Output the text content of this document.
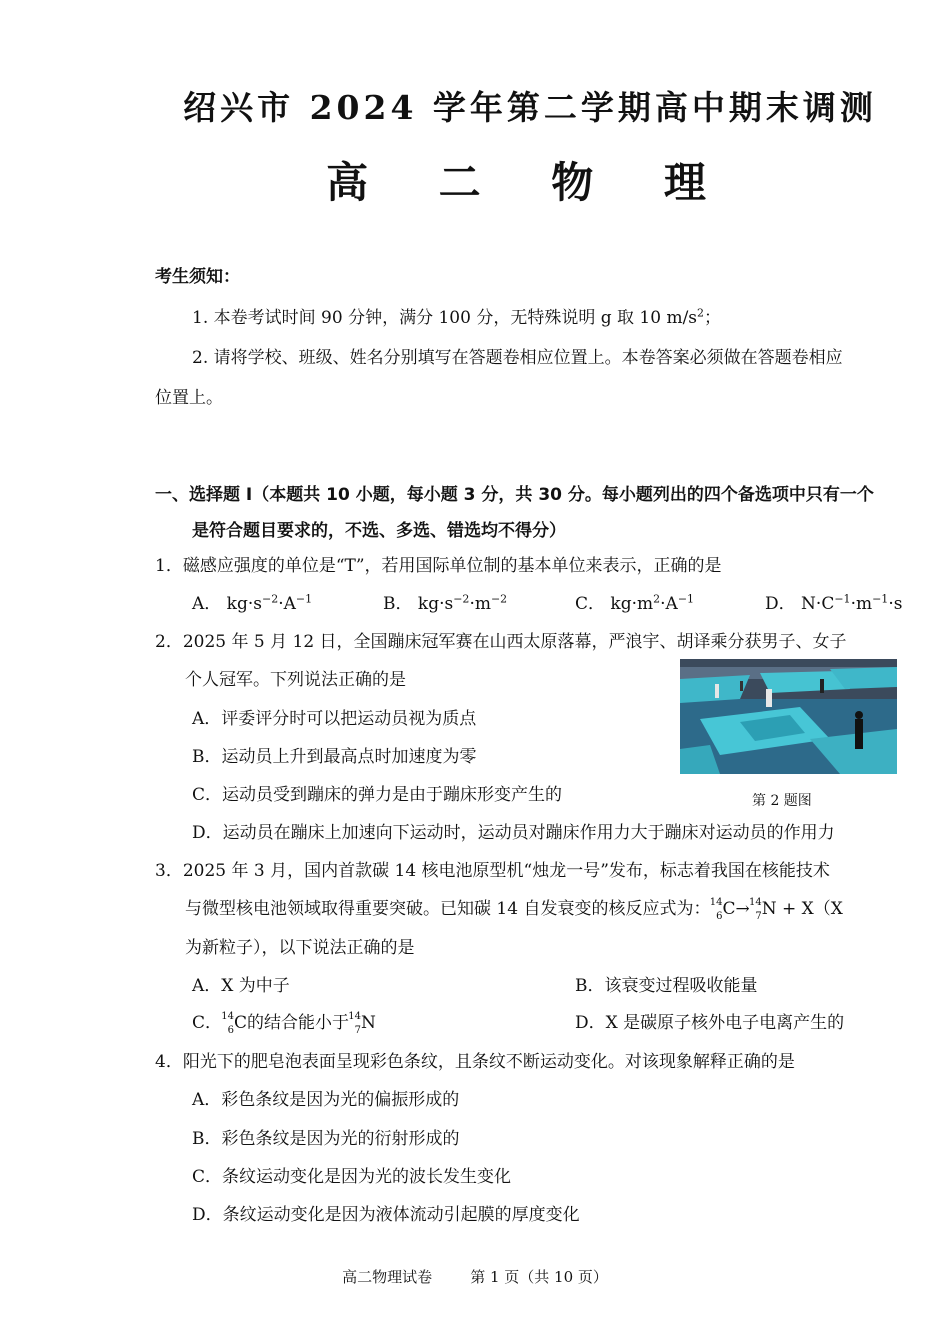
绍兴市 2024 学年第二学期高中期末调测
高 二 物 理
考生须知：
1. 本卷考试时间 90 分钟，满分 100 分，无特殊说明 g 取 10 $m/s^2$；
2. 请将学校、班级、姓名分别填写在答题卷相应位置上。本卷答案必须做在答题卷相应
位置上。
一、选择题 I（本题共 10 小题，每小题 3 分，共 30 分。每小题列出的四个备选项中只有一个
是符合题目要求的，不选、多选、错选均不得分）
1．磁感应强度的单位是“T”，若用国际单位制的基本单位来表示，正确的是
A． $kg\cdot s^{-2}\cdot A^{-1}$	B． $kg\cdot s^{-2}\cdot m^{-2}$	C． $kg\cdot m^2\cdot A^{-1}$	D． $N\cdot C^{-1}\cdot m^{-1}\cdot s$
2．2025 年 5 月 12 日，全国蹦床冠军赛在山西太原落幕，严浪宇、胡译乘分获男子、女子
个人冠军。下列说法正确的是
A．评委评分时可以把运动员视为质点
B．运动员上升到最高点时加速度为零
C．运动员受到蹦床的弹力是由于蹦床形变产生的
D．运动员在蹦床上加速向下运动时，运动员对蹦床作用力大于蹦床对运动员的作用力
第 2 题图
3．2025 年 3 月，国内首款碳 14 核电池原型机“烛龙一号”发布，标志着我国在核能技术
与微型核电池领域取得重要突破。已知碳 14 自发衰变的核反应式为： 14
6 C→ 14
7 N + X（X
为新粒子），以下说法正确的是
A．X 为中子	B．该衰变过程吸收能量
C． 14
6 C的结合能小于 14
7 N	D．X 是碳原子核外电子电离产生的
4．阳光下的肥皂泡表面呈现彩色条纹，且条纹不断运动变化。对该现象解释正确的是
A．彩色条纹是因为光的偏振形成的
B．彩色条纹是因为光的衍射形成的
C．条纹运动变化是因为光的波长发生变化
D．条纹运动变化是因为液体流动引起膜的厚度变化
高二物理试卷        第 1 页（共 10 页）
